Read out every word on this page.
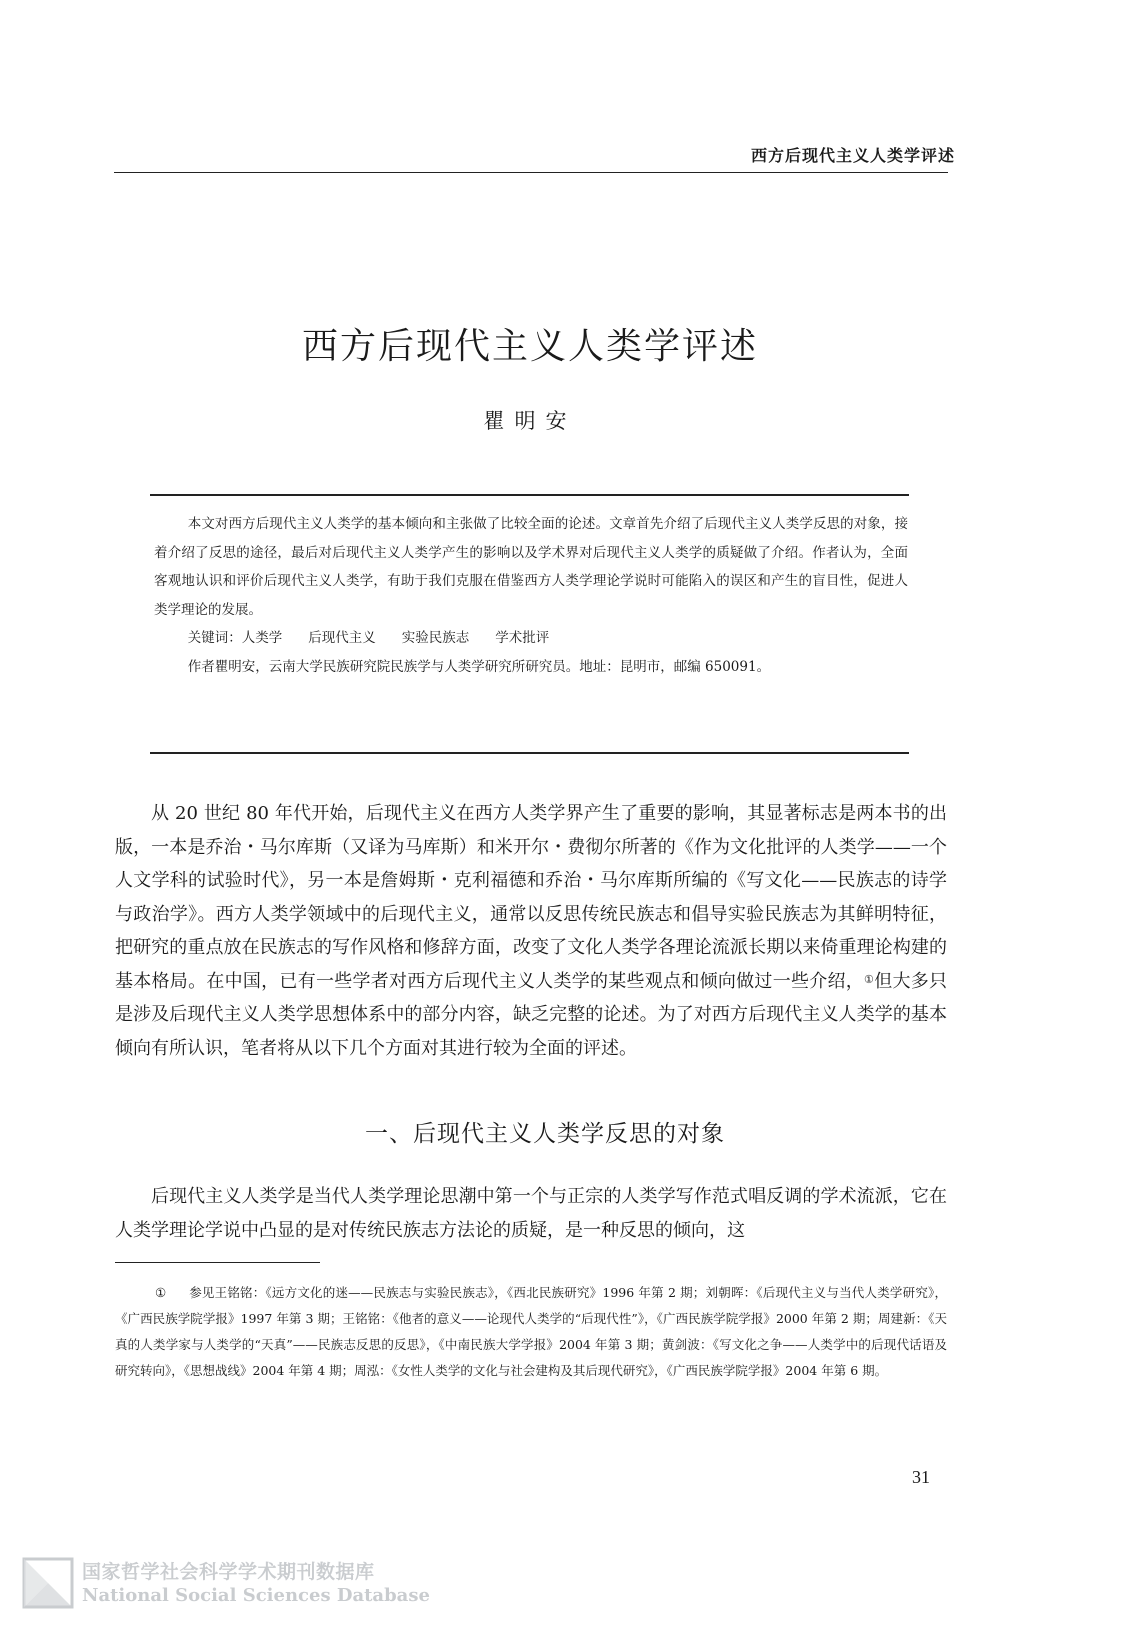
西方后现代主义人类学评述
西方后现代主义人类学评述
瞿明安

本文对西方后现代主义人类学的基本倾向和主张做了比较全面的论述。文章首先介绍了后现代主义人类学反思的对象，接着介绍了反思的途径，最后对后现代主义人类学产生的影响以及学术界对后现代主义人类学的质疑做了介绍。作者认为，全面客观地认识和评价后现代主义人类学，有助于我们克服在借鉴西方人类学理论学说时可能陷入的误区和产生的盲目性，促进人类学理论的发展。

关键词：人类学 后现代主义 实验民族志 学术批评

作者瞿明安，云南大学民族研究院民族学与人类学研究所研究员。地址：昆明市，邮编 650091。

从 20 世纪 80 年代开始，后现代主义在西方人类学界产生了重要的影响，其显著标志是两本书的出版，一本是乔治・马尔库斯（又译为马库斯）和米开尔・费彻尔所著的《作为文化批评的人类学——一个人文学科的试验时代》，另一本是詹姆斯・克利福德和乔治・马尔库斯所编的《写文化——民族志的诗学与政治学》。西方人类学领域中的后现代主义，通常以反思传统民族志和倡导实验民族志为其鲜明特征，把研究的重点放在民族志的写作风格和修辞方面，改变了文化人类学各理论流派长期以来倚重理论构建的基本格局。在中国，已有一些学者对西方后现代主义人类学的某些观点和倾向做过一些介绍，①但大多只是涉及后现代主义人类学思想体系中的部分内容，缺乏完整的论述。为了对西方后现代主义人类学的基本倾向有所认识，笔者将从以下几个方面对其进行较为全面的评述。

一、后现代主义人类学反思的对象

后现代主义人类学是当代人类学理论思潮中第一个与正宗的人类学写作范式唱反调的学术流派，它在人类学理论学说中凸显的是对传统民族志方法论的质疑，是一种反思的倾向，这

① 参见王铭铭：《远方文化的迷——民族志与实验民族志》，《西北民族研究》1996 年第 2 期；刘朝晖：《后现代主义与当代人类学研究》，《广西民族学院学报》1997 年第 3 期；王铭铭：《他者的意义——论现代人类学的“后现代性”》，《广西民族学院学报》2000 年第 2 期；周建新：《天真的人类学家与人类学的“天真”——民族志反思的反思》，《中南民族大学学报》2004 年第 3 期；黄剑波：《写文化之争——人类学中的后现代话语及研究转向》，《思想战线》2004 年第 4 期；周泓：《女性人类学的文化与社会建构及其后现代研究》，《广西民族学院学报》2004 年第 6 期。
31
国家哲学社会科学学术期刊数据库
National Social Sciences Database
